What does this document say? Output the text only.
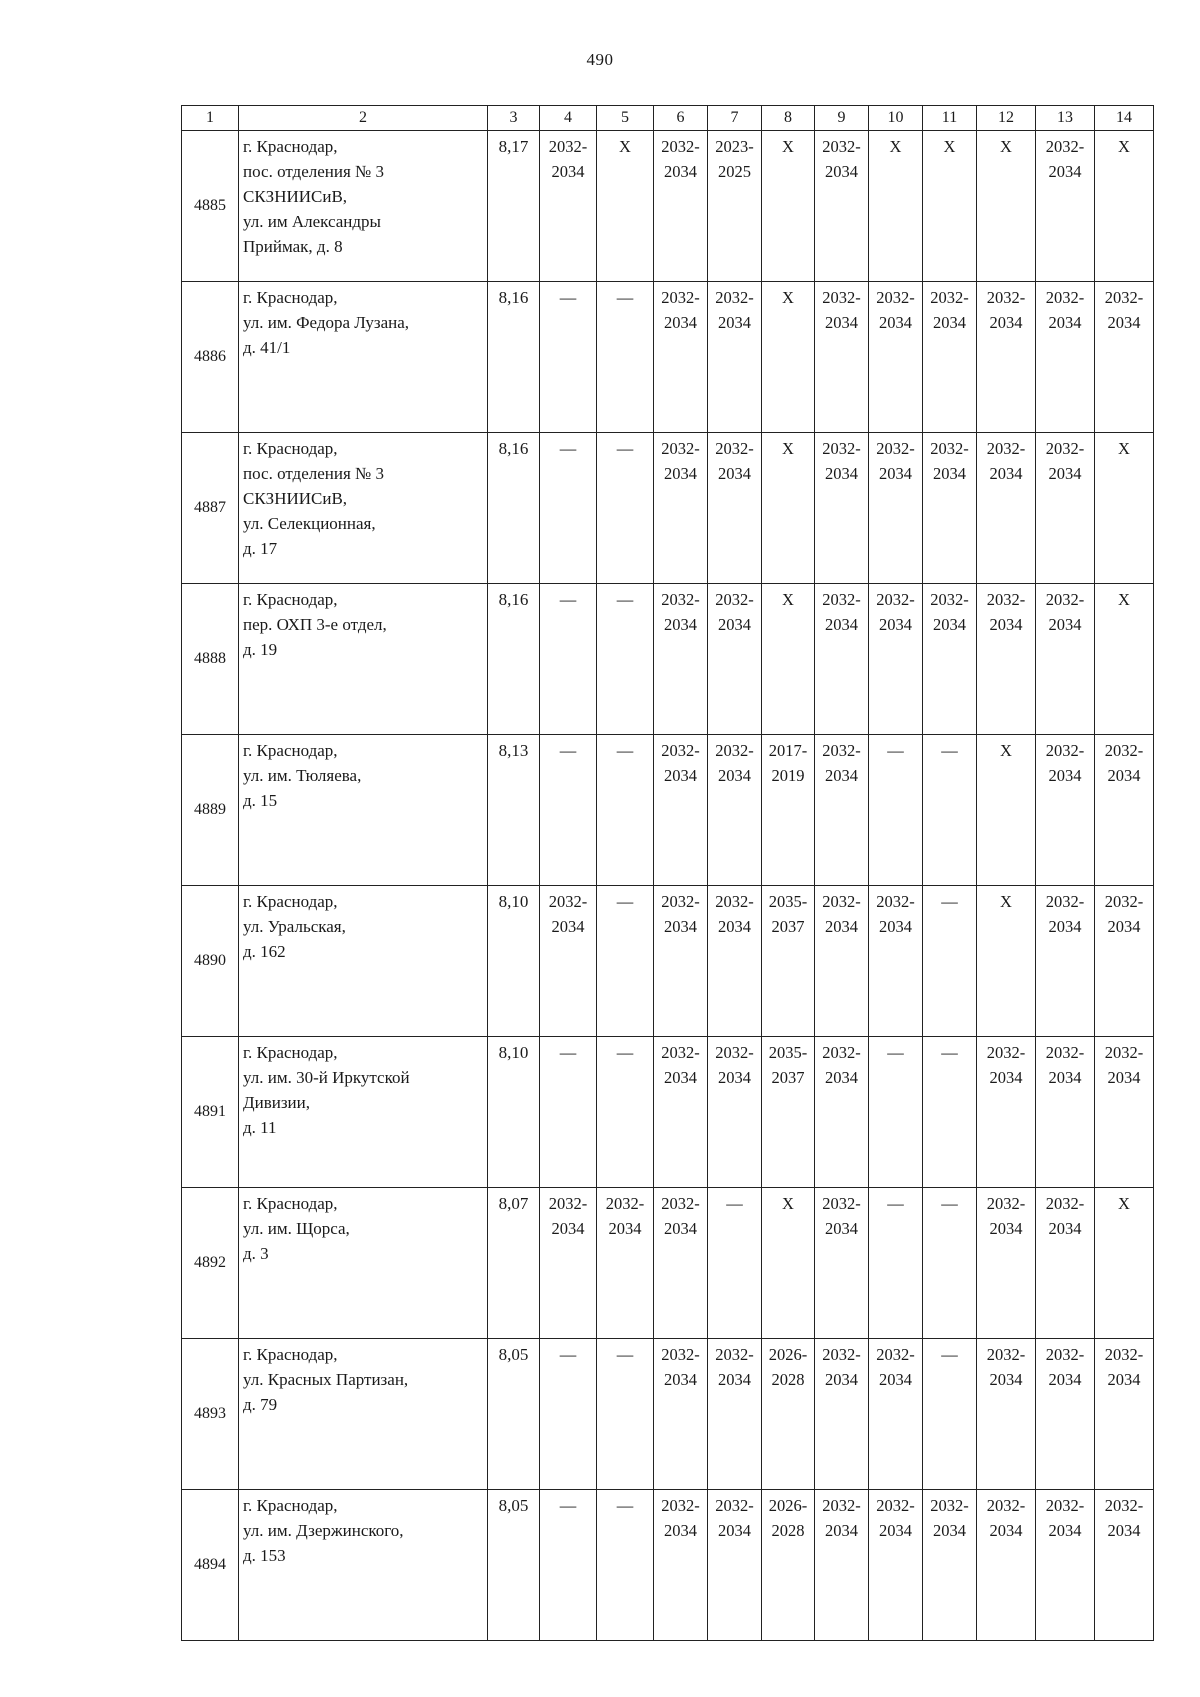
490
1	2	3	4	5	6	7	8	9	10	11	12	13	14
4885	г. Краснодар,
пос. отделения № 3
СКЗНИИСиВ,
ул. им Александры
Приймак, д. 8	8,17	2032-
2034	Х	2032-
2034	2023-
2025	Х	2032-
2034	Х	Х	Х	2032-
2034	Х

4886	г. Краснодар,
ул. им. Федора Лузана,
д. 41/1	8,16	—	—	2032-
2034	2032-
2034	Х	2032-
2034	2032-
2034	2032-
2034	2032-
2034	2032-
2034	2032-
2034

4887	г. Краснодар,
пос. отделения № 3
СКЗНИИСиВ,
ул. Селекционная,
д. 17	8,16	—	—	2032-
2034	2032-
2034	Х	2032-
2034	2032-
2034	2032-
2034	2032-
2034	2032-
2034	Х

4888	г. Краснодар,
пер. ОХП 3-е отдел,
д. 19	8,16	—	—	2032-
2034	2032-
2034	Х	2032-
2034	2032-
2034	2032-
2034	2032-
2034	2032-
2034	Х

4889	г. Краснодар,
ул. им. Тюляева,
д. 15	8,13	—	—	2032-
2034	2032-
2034	2017-
2019	2032-
2034	—	—	Х	2032-
2034	2032-
2034

4890	г. Краснодар,
ул. Уральская,
д. 162	8,10	2032-
2034	—	2032-
2034	2032-
2034	2035-
2037	2032-
2034	2032-
2034	—	Х	2032-
2034	2032-
2034

4891	г. Краснодар,
ул. им. 30-й Иркутской
Дивизии,
д. 11	8,10	—	—	2032-
2034	2032-
2034	2035-
2037	2032-
2034	—	—	2032-
2034	2032-
2034	2032-
2034

4892	г. Краснодар,
ул. им. Щорса,
д. 3	8,07	2032-
2034	2032-
2034	2032-
2034	—	Х	2032-
2034	—	—	2032-
2034	2032-
2034	Х

4893	г. Краснодар,
ул. Красных Партизан,
д. 79	8,05	—	—	2032-
2034	2032-
2034	2026-
2028	2032-
2034	2032-
2034	—	2032-
2034	2032-
2034	2032-
2034

4894	г. Краснодар,
ул. им. Дзержинского,
д. 153	8,05	—	—	2032-
2034	2032-
2034	2026-
2028	2032-
2034	2032-
2034	2032-
2034	2032-
2034	2032-
2034	2032-
2034
